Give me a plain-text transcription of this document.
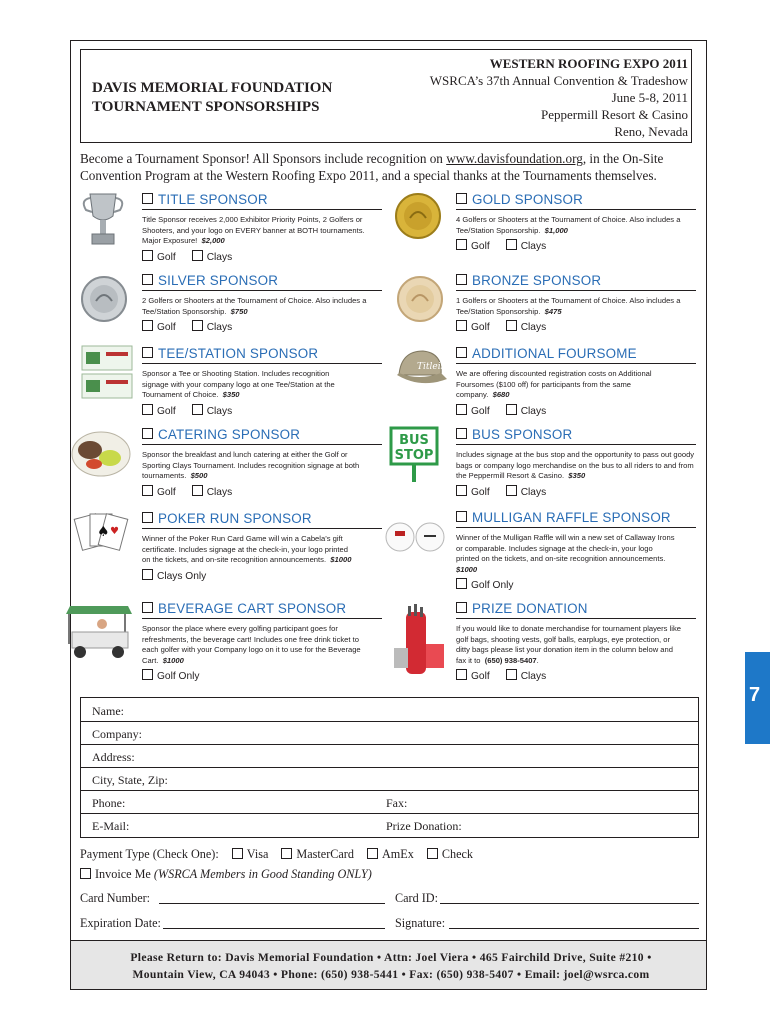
DAVIS MEMORIAL FOUNDATION
TOURNAMENT SPONSORSHIPS
WESTERN ROOFING EXPO 2011
WSRCA’s 37th Annual Convention & Tradeshow
June 5-8, 2011
Peppermill Resort & Casino
Reno, Nevada
Become a Tournament Sponsor! All Sponsors include recognition on www.davisfoundation.org, in the On-Site Convention Program at the Western Roofing Expo 2011, and a special thanks at the Tournaments themselves.
Titleist
BUS
STOP
♠ ♥
TITLE SPONSOR
Title Sponsor receives 2,000 Exhibitor Priority Points, 2 Golfers or Shooters, and your logo on EVERY banner at BOTH tournaments. Major Exposure! $2,000
Golf	Clays
GOLD SPONSOR
4 Golfers or Shooters at the Tournament of Choice. Also includes a Tee/Station Sponsorship. $1,000
Golf	Clays
SILVER SPONSOR
2 Golfers or Shooters at the Tournament of Choice. Also includes a Tee/Station Sponsorship. $750
Golf	Clays
BRONZE SPONSOR
1 Golfers or Shooters at the Tournament of Choice. Also includes a Tee/Station Sponsorship. $475
Golf	Clays
TEE/STATION SPONSOR
Sponsor a Tee or Shooting Station. Includes recognition signage with your company logo at one Tee/Station at the Tournament of Choice. $350
Golf	Clays
ADDITIONAL FOURSOME
We are offering discounted registration costs on Additional Foursomes ($100 off) for participants from the same company. $680
Golf	Clays
CATERING SPONSOR
Sponsor the breakfast and lunch catering at either the Golf or Sporting Clays Tournament. Includes recognition signage at both tournaments. $500
Golf	Clays
BUS SPONSOR
Includes signage at the bus stop and the opportunity to pass out goody bags or company logo merchandise on the bus to all riders to and from the Peppermill Resort & Casino. $350
Golf	Clays
POKER RUN SPONSOR
Winner of the Poker Run Card Game will win a Cabela’s gift certificate. Includes signage at the check-in, your logo printed on the tickets, and on-site recognition announcements. $1000
Clays Only
MULLIGAN RAFFLE SPONSOR
Winner of the Mulligan Raffle will win a new set of Callaway Irons or comparable. Includes signage at the check-in, your logo printed on the tickets, and on-site recognition announcements.  $1000
Golf Only
BEVERAGE CART SPONSOR
Sponsor the place where every golfing participant goes for refreshments, the beverage cart! Includes one free drink ticket to each golfer with your Company logo on it to use for the Beverage Cart. $1000
Golf Only
PRIZE DONATION
If you would like to donate merchandise for tournament players like golf bags, shooting vests, golf balls, earplugs, eye protection, or ditty bags please list your donation item in the column below and fax it to (650) 938-5407.
Golf	Clays
7
Name:
Company:
Address:
City, State, Zip:
Phone:	Fax:
E-Mail:	Prize Donation:
Payment Type (Check One): Visa MasterCard AmEx Check
Invoice Me (WSRCA Members in Good Standing ONLY)
Card Number:	Card ID:
Expiration Date:	Signature:
Please Return to: Davis Memorial Foundation • Attn: Joel Viera • 465 Fairchild Drive, Suite #210 •
Mountain View, CA 94043 • Phone: (650) 938-5441 • Fax: (650) 938-5407 • Email: joel@wsrca.com
